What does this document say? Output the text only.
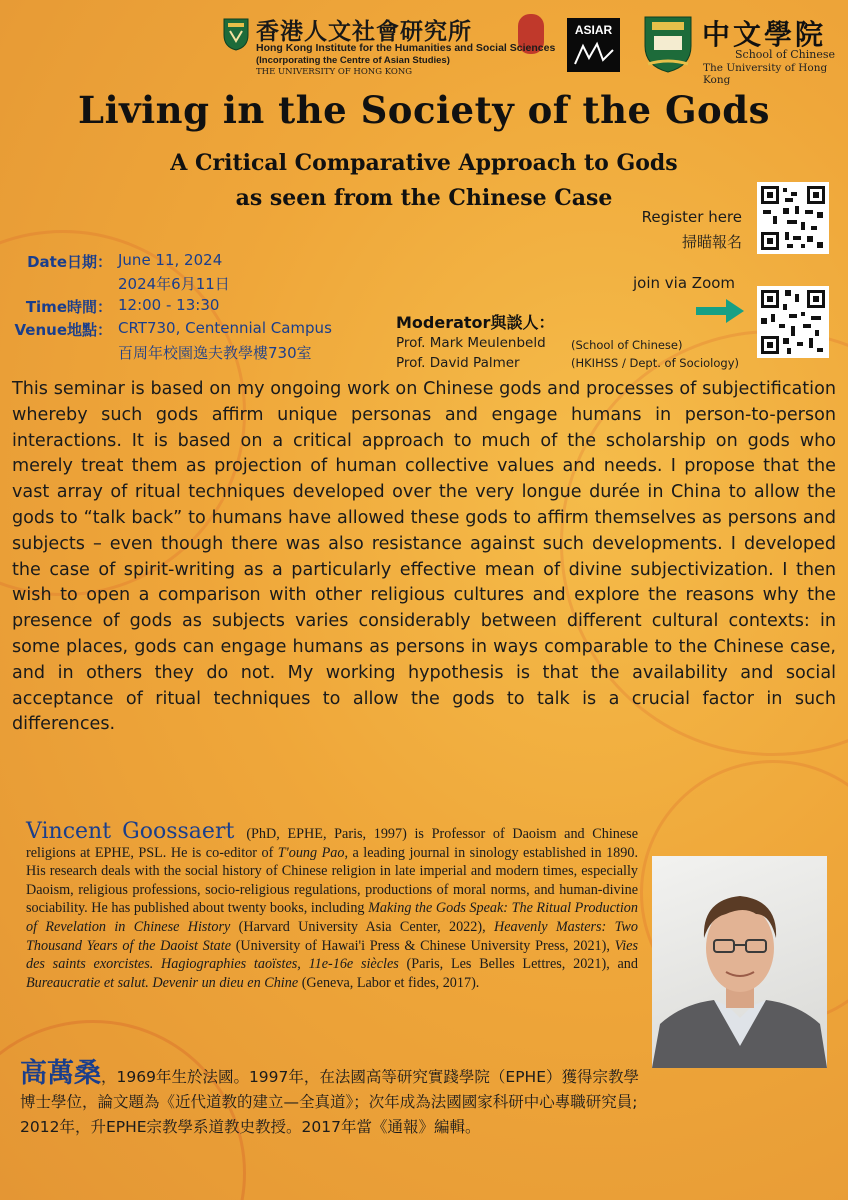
香港人文社會研究所
Hong Kong Institute for the Humanities and Social Sciences
(Incorporating the Centre of Asian Studies)
THE UNIVERSITY OF HONG KONG
ASIAR	中文學院
School of Chinese
The University of Hong Kong
Living in the Society of the Gods
A Critical Comparative Approach to Gods
as seen from the Chinese Case
Register here
掃瞄報名
join via Zoom
Date日期： June 11, 2024
2024年6月11日
Time時間： 12:00 - 13:30
Venue地點： CRT730, Centennial Campus
百周年校園逸夫教學樓730室
Moderator與談人：
Prof. Mark Meulenbeld (School of Chinese)
Prof. David Palmer	(HKIHSS / Dept. of Sociology)
This seminar is based on my ongoing work on Chinese gods and processes of subjectification whereby such gods affirm unique personas and engage humans in person-to-person interactions. It is based on a critical approach to much of the scholarship on gods who merely treat them as projection of human collective values and needs. I propose that the vast array of ritual techniques developed over the very longue durée in China to allow the gods to “talk back” to humans have allowed these gods to affirm themselves as persons and subjects – even though there was also resistance against such developments. I developed the case of spirit-writing as a particularly effective mean of divine subjectivization. I then wish to open a comparison with other religious cultures and explore the reasons why the presence of gods as subjects varies considerably between different cultural contexts: in some places, gods can engage humans as persons in ways comparable to the Chinese case, and in others they do not. My working hypothesis is that the availability and social acceptance of ritual techniques to allow the gods to talk is a crucial factor in such differences.
Vincent Goossaert (PhD, EPHE, Paris, 1997) is Professor of Daoism and Chinese religions at EPHE, PSL. He is co-editor of T'oung Pao, a leading journal in sinology established in 1890. His research deals with the social history of Chinese religion in late imperial and modern times, especially Daoism, religious professions, socio-religious regulations, productions of moral norms, and human-divine sociability. He has published about twenty books, including Making the Gods Speak: The Ritual Production of Revelation in Chinese History (Harvard University Asia Center, 2022), Heavenly Masters: Two Thousand Years of the Daoist State (University of Hawai'i Press & Chinese University Press, 2021), Vies des saints exorcistes. Hagiographies taoïstes, 11e-16e siècles (Paris, Les Belles Lettres, 2021), and Bureaucratie et salut. Devenir un dieu en Chine (Geneva, Labor et fides, 2017).
高萬桑，1969年生於法國。1997年，在法國高等研究實踐學院（EPHE）獲得宗教學博士學位，論文題為《近代道教的建立—全真道》；次年成為法國國家科研中心專職研究員; 2012年，升EPHE宗教學系道教史教授。2017年當《通報》編輯。
